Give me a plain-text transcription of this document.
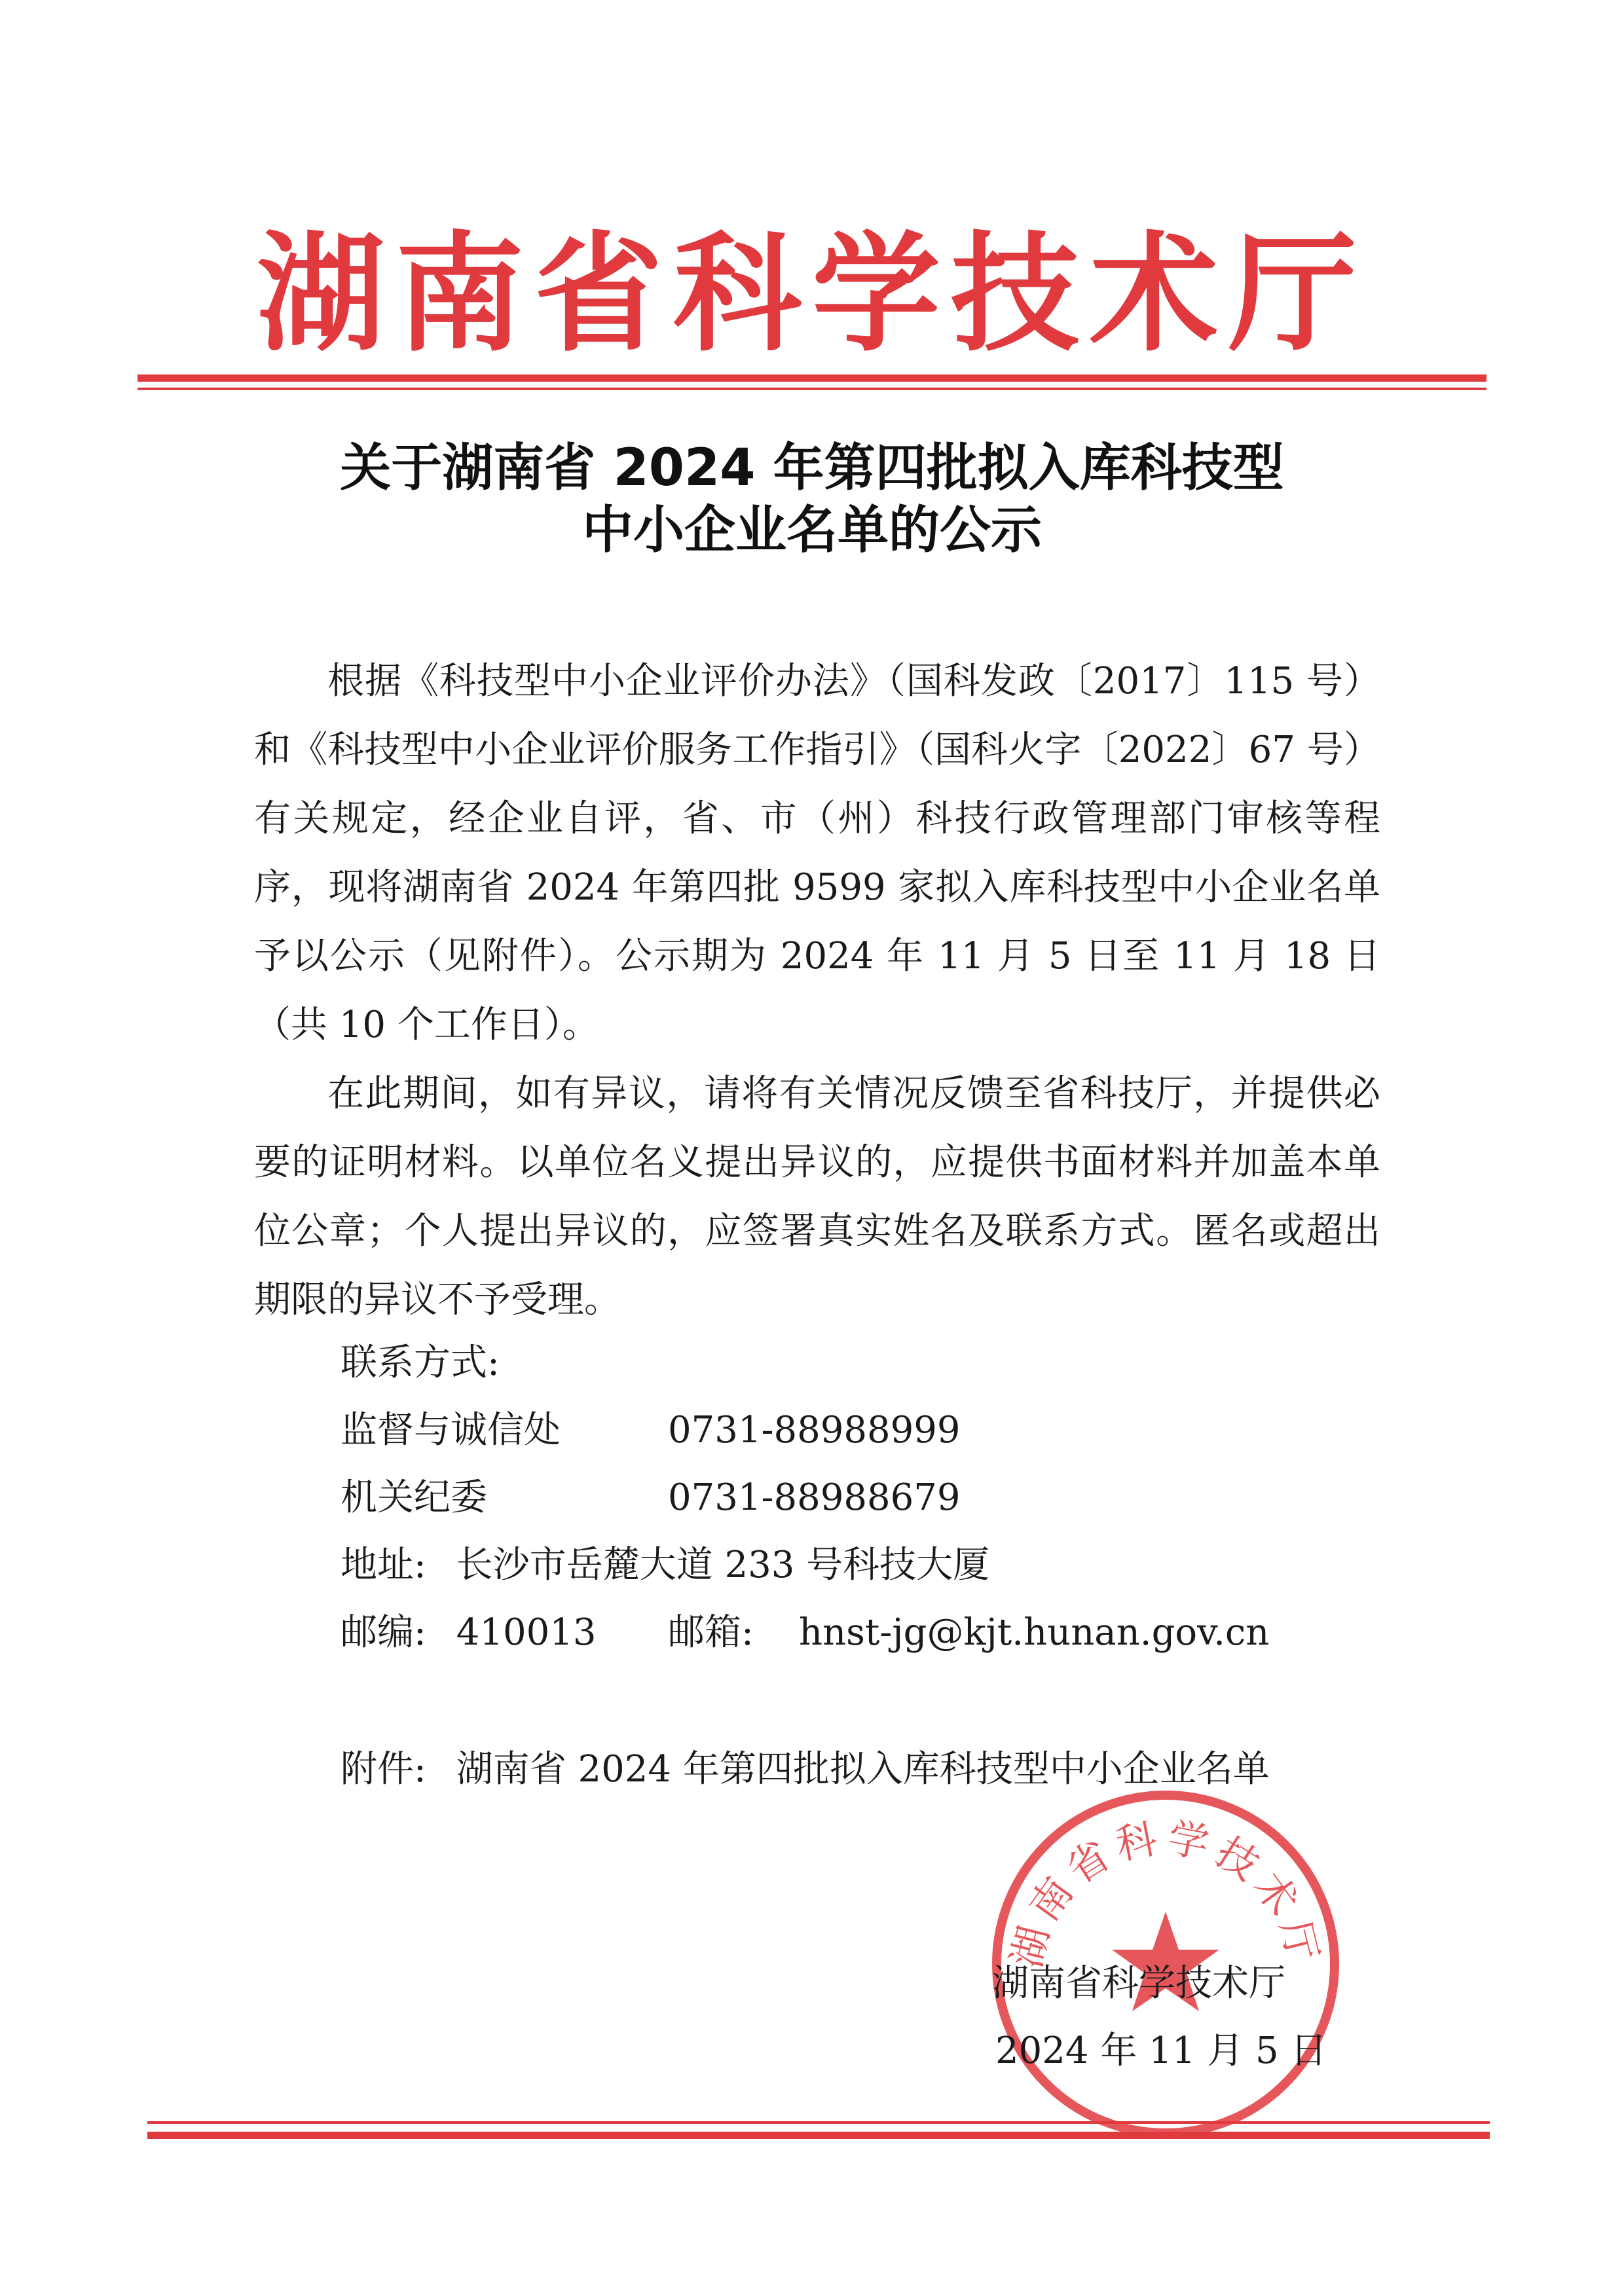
湖南省科学技术厅
关于湖南省 2024 年第四批拟入库科技型
中小企业名单的公示
根据《科技型中小企业评价办法》（国科发政〔2017〕115 号）和《科技型中小企业评价服务工作指引》（国科火字〔2022〕67 号）有关规定，经企业自评，省、市（州）科技行政管理部门审核等程序，现将湖南省 2024 年第四批 9599 家拟入库科技型中小企业名单予以公示（见附件）。公示期为 2024 年 11 月 5 日至 11 月 18 日（共 10 个工作日）。
在此期间，如有异议，请将有关情况反馈至省科技厅，并提供必要的证明材料。以单位名义提出异议的，应提供书面材料并加盖本单位公章；个人提出异议的，应签署真实姓名及联系方式。匿名或超出期限的异议不予受理。
联系方式:
监督与诚信处	0731-88988999
机关纪委	0731-88988679
地址: 长沙市岳麓大道 233 号科技大厦
邮编: 410013 邮箱: hnst-jg@kjt.hunan.gov.cn
附件: 湖南省 2024 年第四批拟入库科技型中小企业名单
湖南省科学技术厅
湖南省科学技术厅
2024 年 11 月 5 日
